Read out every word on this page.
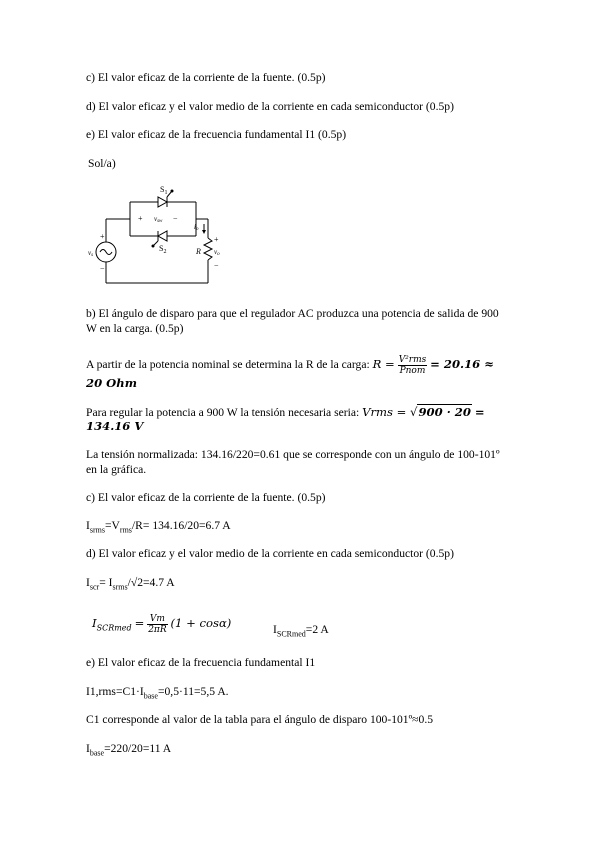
c) El valor eficaz de la corriente de la fuente. (0.5p)
d) El valor eficaz y el valor medio de la corriente en cada semiconductor (0.5p)
e) El valor eficaz de la frecuencia fundamental I1 (0.5p)
Sol/a)
$S_1$
$S_2$
+ vsw −
io
R
+
vo
−
+
vs
−
b) El ángulo de disparo para que el regulador AC produzca una potencia de salida de 900 W en la carga. (0.5p)
A partir de la potencia nominal se determina la R de la carga: $R = \frac{\text{V²rms}}{\text{Pnom}} = 20.16$ ≈
20 Ohm
Para regular la potencia a 900 W la tensión necesaria seria: Vrms = √900 · 20 =
134.16 V
La tensión normalizada: 134.16/220=0.61 que se corresponde con un ángulo de 100-101º en la gráfica.
c) El valor eficaz de la corriente de la fuente. (0.5p)
$I_{srms}=V_{rms}/R= 134.16/20=6.7$ A
d) El valor eficaz y el valor medio de la corriente en cada semiconductor (0.5p)
$I_{scr}= I_{srms}/√2=4.7$ A
$I_{SCRmed} = \frac{Vm}{2\pi R} (1 + \cos\alpha)$	$I_{SCRmed}=2$ A
e) El valor eficaz de la frecuencia fundamental I1
$I1,rms=C1\cdot I_{base}=0,5\cdot 11=5,5$ A.
C1 corresponde al valor de la tabla para el ángulo de disparo 100-101º≈0.5
$I_{base}=220/20=11$ A
